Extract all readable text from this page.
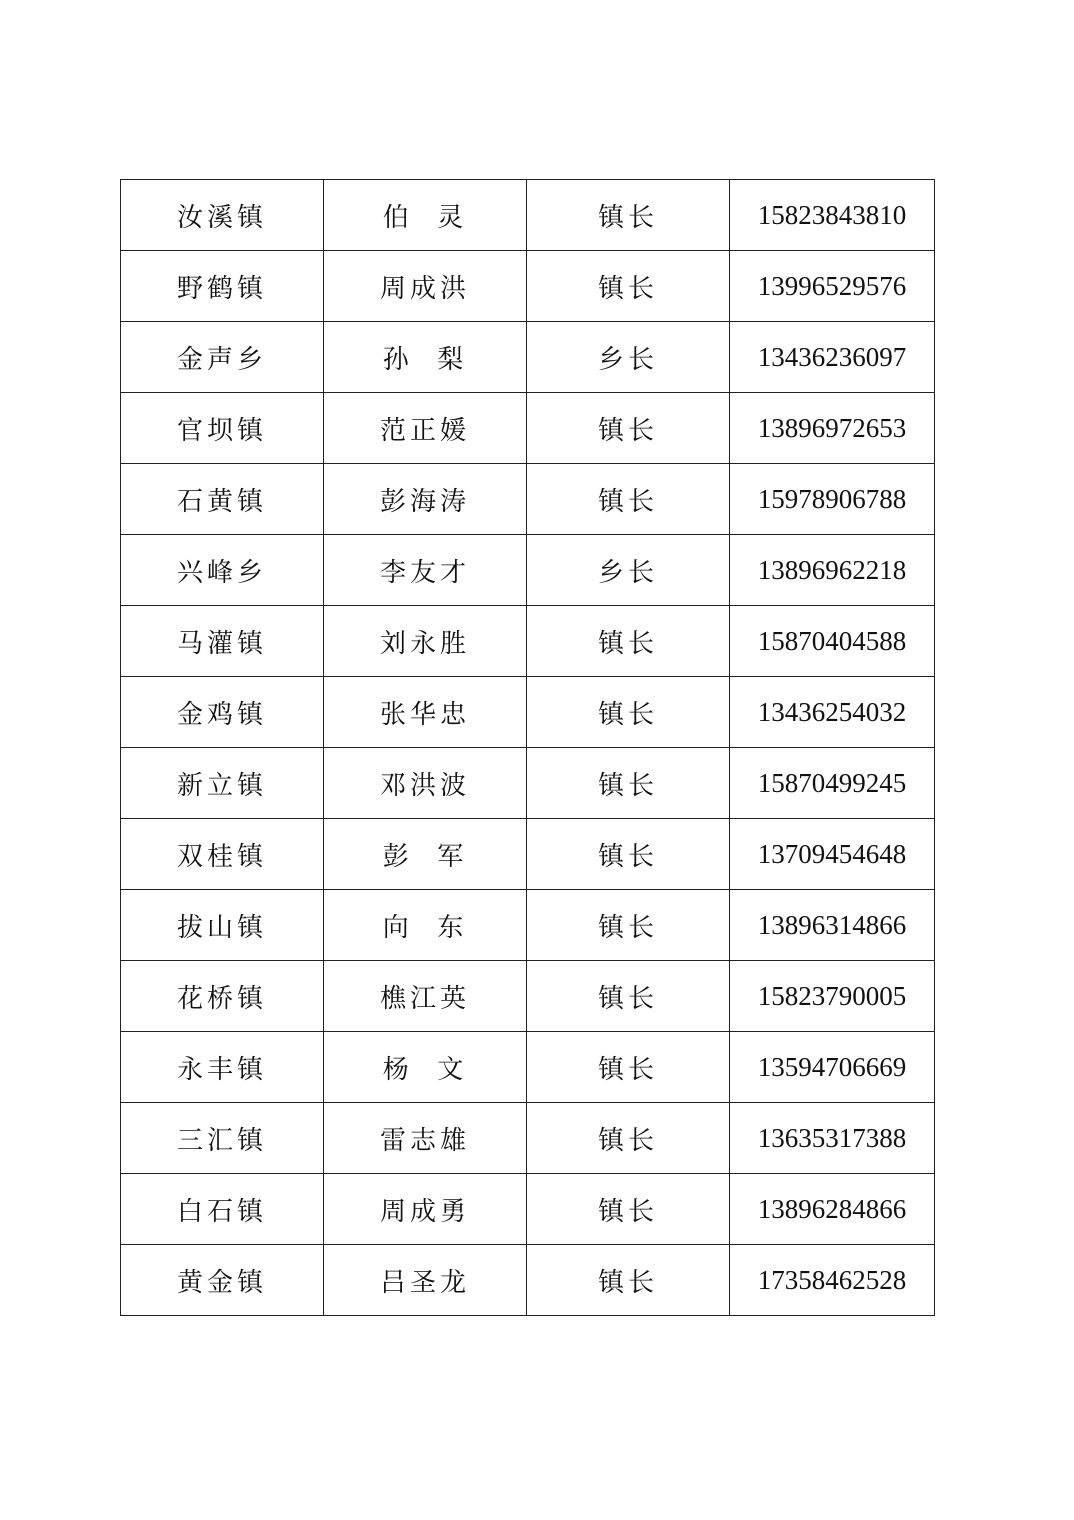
汝溪镇	伯  灵	镇长	15823843810
野鹤镇	周成洪	镇长	13996529576
金声乡	孙  梨	乡长	13436236097
官坝镇	范正媛	镇长	13896972653
石黄镇	彭海涛	镇长	15978906788
兴峰乡	李友才	乡长	13896962218
马灌镇	刘永胜	镇长	15870404588
金鸡镇	张华忠	镇长	13436254032
新立镇	邓洪波	镇长	15870499245
双桂镇	彭  军	镇长	13709454648
拔山镇	向  东	镇长	13896314866
花桥镇	樵江英	镇长	15823790005
永丰镇	杨  文	镇长	13594706669
三汇镇	雷志雄	镇长	13635317388
白石镇	周成勇	镇长	13896284866
黄金镇	吕圣龙	镇长	17358462528
